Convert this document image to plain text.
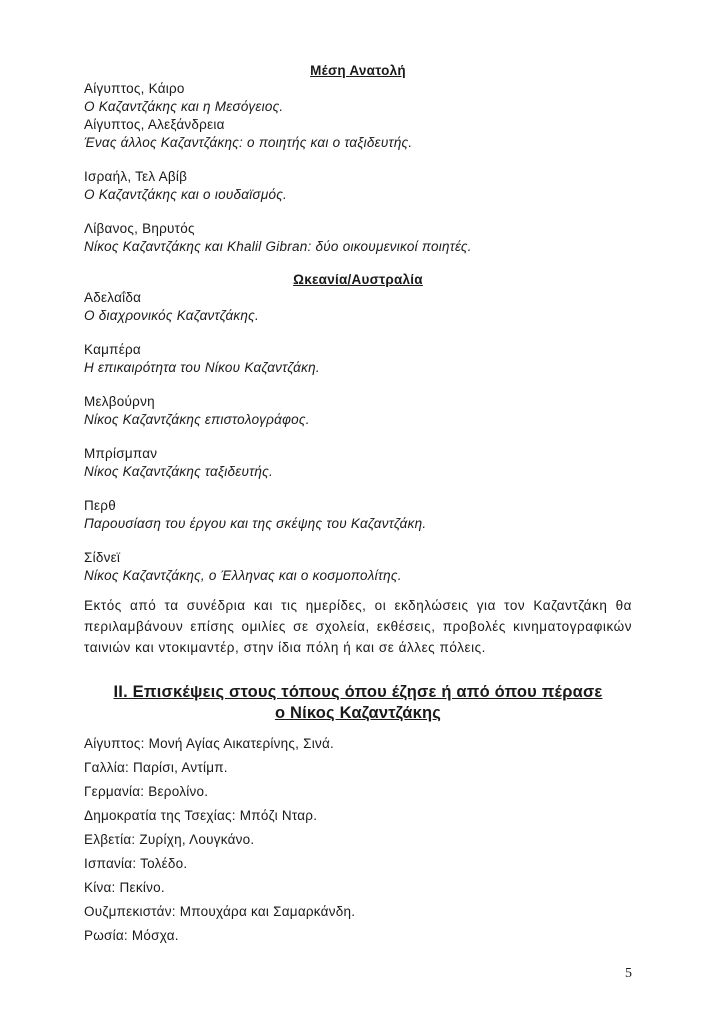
Μέση Ανατολή
Αίγυπτος, Κάιρο
Ο Καζαντζάκης και η Μεσόγειος.
Αίγυπτος, Αλεξάνδρεια
Ένας άλλος Καζαντζάκης: ο ποιητής και ο ταξιδευτής.
Ισραήλ, Τελ Αβίβ
Ο Καζαντζάκης και ο ιουδαϊσμός.
Λίβανος, Βηρυτός
Νίκος Καζαντζάκης και Khalil Gibran: δύο οικουμενικοί ποιητές.
Ωκεανία/Αυστραλία
Αδελαΐδα
Ο διαχρονικός Καζαντζάκης.
Καμπέρα
Η επικαιρότητα του Νίκου Καζαντζάκη.
Μελβούρνη
Νίκος Καζαντζάκης επιστολογράφος.
Μπρίσμπαν
Νίκος Καζαντζάκης ταξιδευτής.
Περθ
Παρουσίαση του έργου και της σκέψης του Καζαντζάκη.
Σίδνεϊ
Νίκος Καζαντζάκης, ο Έλληνας και ο κοσμοπολίτης.
Εκτός από τα συνέδρια και τις ημερίδες, οι εκδηλώσεις για τον Καζαντζάκη θα περιλαμβάνουν επίσης ομιλίες σε σχολεία, εκθέσεις, προβολές κινηματογραφικών ταινιών και ντοκιμαντέρ, στην ίδια πόλη ή και σε άλλες πόλεις.
ΙΙ. Επισκέψεις στους τόπους όπου έζησε ή από όπου πέρασε
ο Νίκος Καζαντζάκης
Αίγυπτος: Μονή Αγίας Αικατερίνης, Σινά.
Γαλλία: Παρίσι, Αντίμπ.
Γερμανία: Βερολίνο.
Δημοκρατία της Τσεχίας: Μπόζι Νταρ.
Ελβετία: Ζυρίχη, Λουγκάνο.
Ισπανία: Τολέδο.
Κίνα: Πεκίνο.
Ουζμπεκιστάν: Μπουχάρα και Σαμαρκάνδη.
Ρωσία: Μόσχα.
5
